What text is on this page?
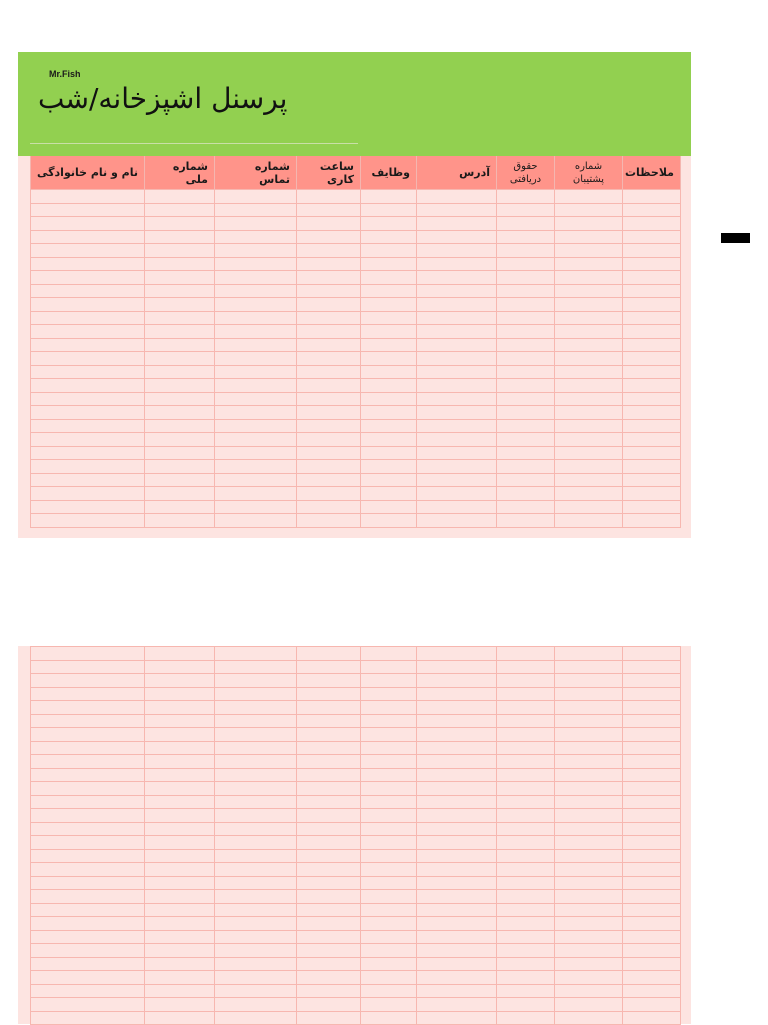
Mr.Fish
پرسنل اشپزخانه/شب
ملاحظات	شماره پشتیبان	حقوق دریافتی	آدرس	وظایف	ساعت کاری	شماره تماس	شماره ملی	نام و نام خانوادگی
